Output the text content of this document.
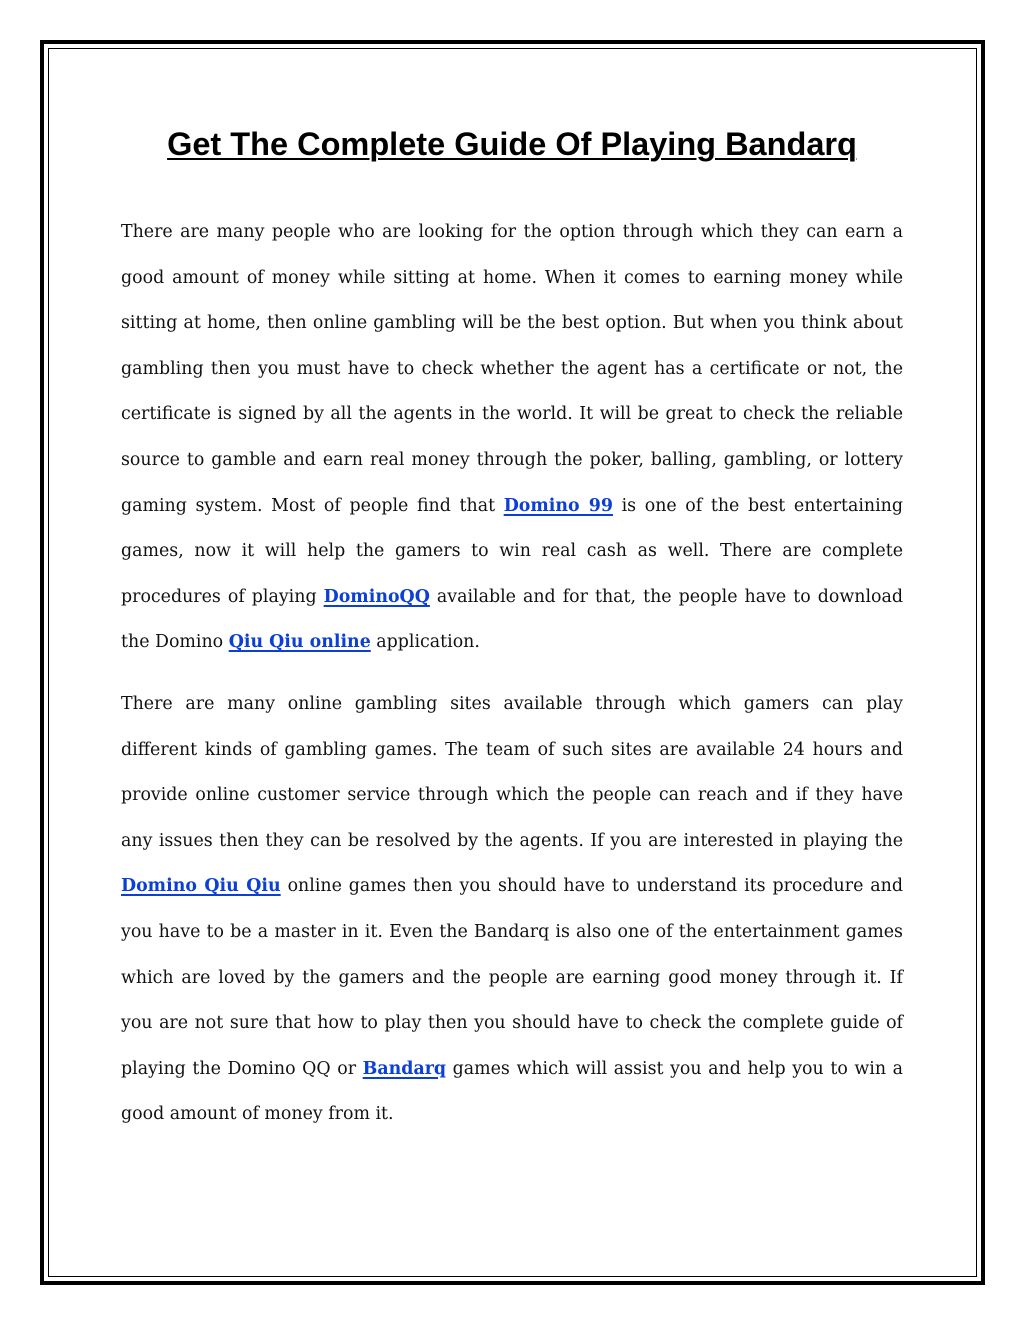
Get The Complete Guide Of Playing Bandarq

There are many people who are looking for the option through which they can earn a good amount of money while sitting at home. When it comes to earning money while sitting at home, then online gambling will be the best option. But when you think about gambling then you must have to check whether the agent has a certificate or not, the certificate is signed by all the agents in the world. It will be great to check the reliable source to gamble and earn real money through the poker, balling, gambling, or lottery gaming system. Most of people find that Domino 99 is one of the best entertaining games, now it will help the gamers to win real cash as well. There are complete procedures of playing DominoQQ available and for that, the people have to download the Domino Qiu Qiu online application.

There are many online gambling sites available through which gamers can play different kinds of gambling games. The team of such sites are available 24 hours and provide online customer service through which the people can reach and if they have any issues then they can be resolved by the agents. If you are interested in playing the Domino Qiu Qiu online games then you should have to understand its procedure and you have to be a master in it. Even the Bandarq is also one of the entertainment games which are loved by the gamers and the people are earning good money through it. If you are not sure that how to play then you should have to check the complete guide of playing the Domino QQ or Bandarq games which will assist you and help you to win a good amount of money from it.
